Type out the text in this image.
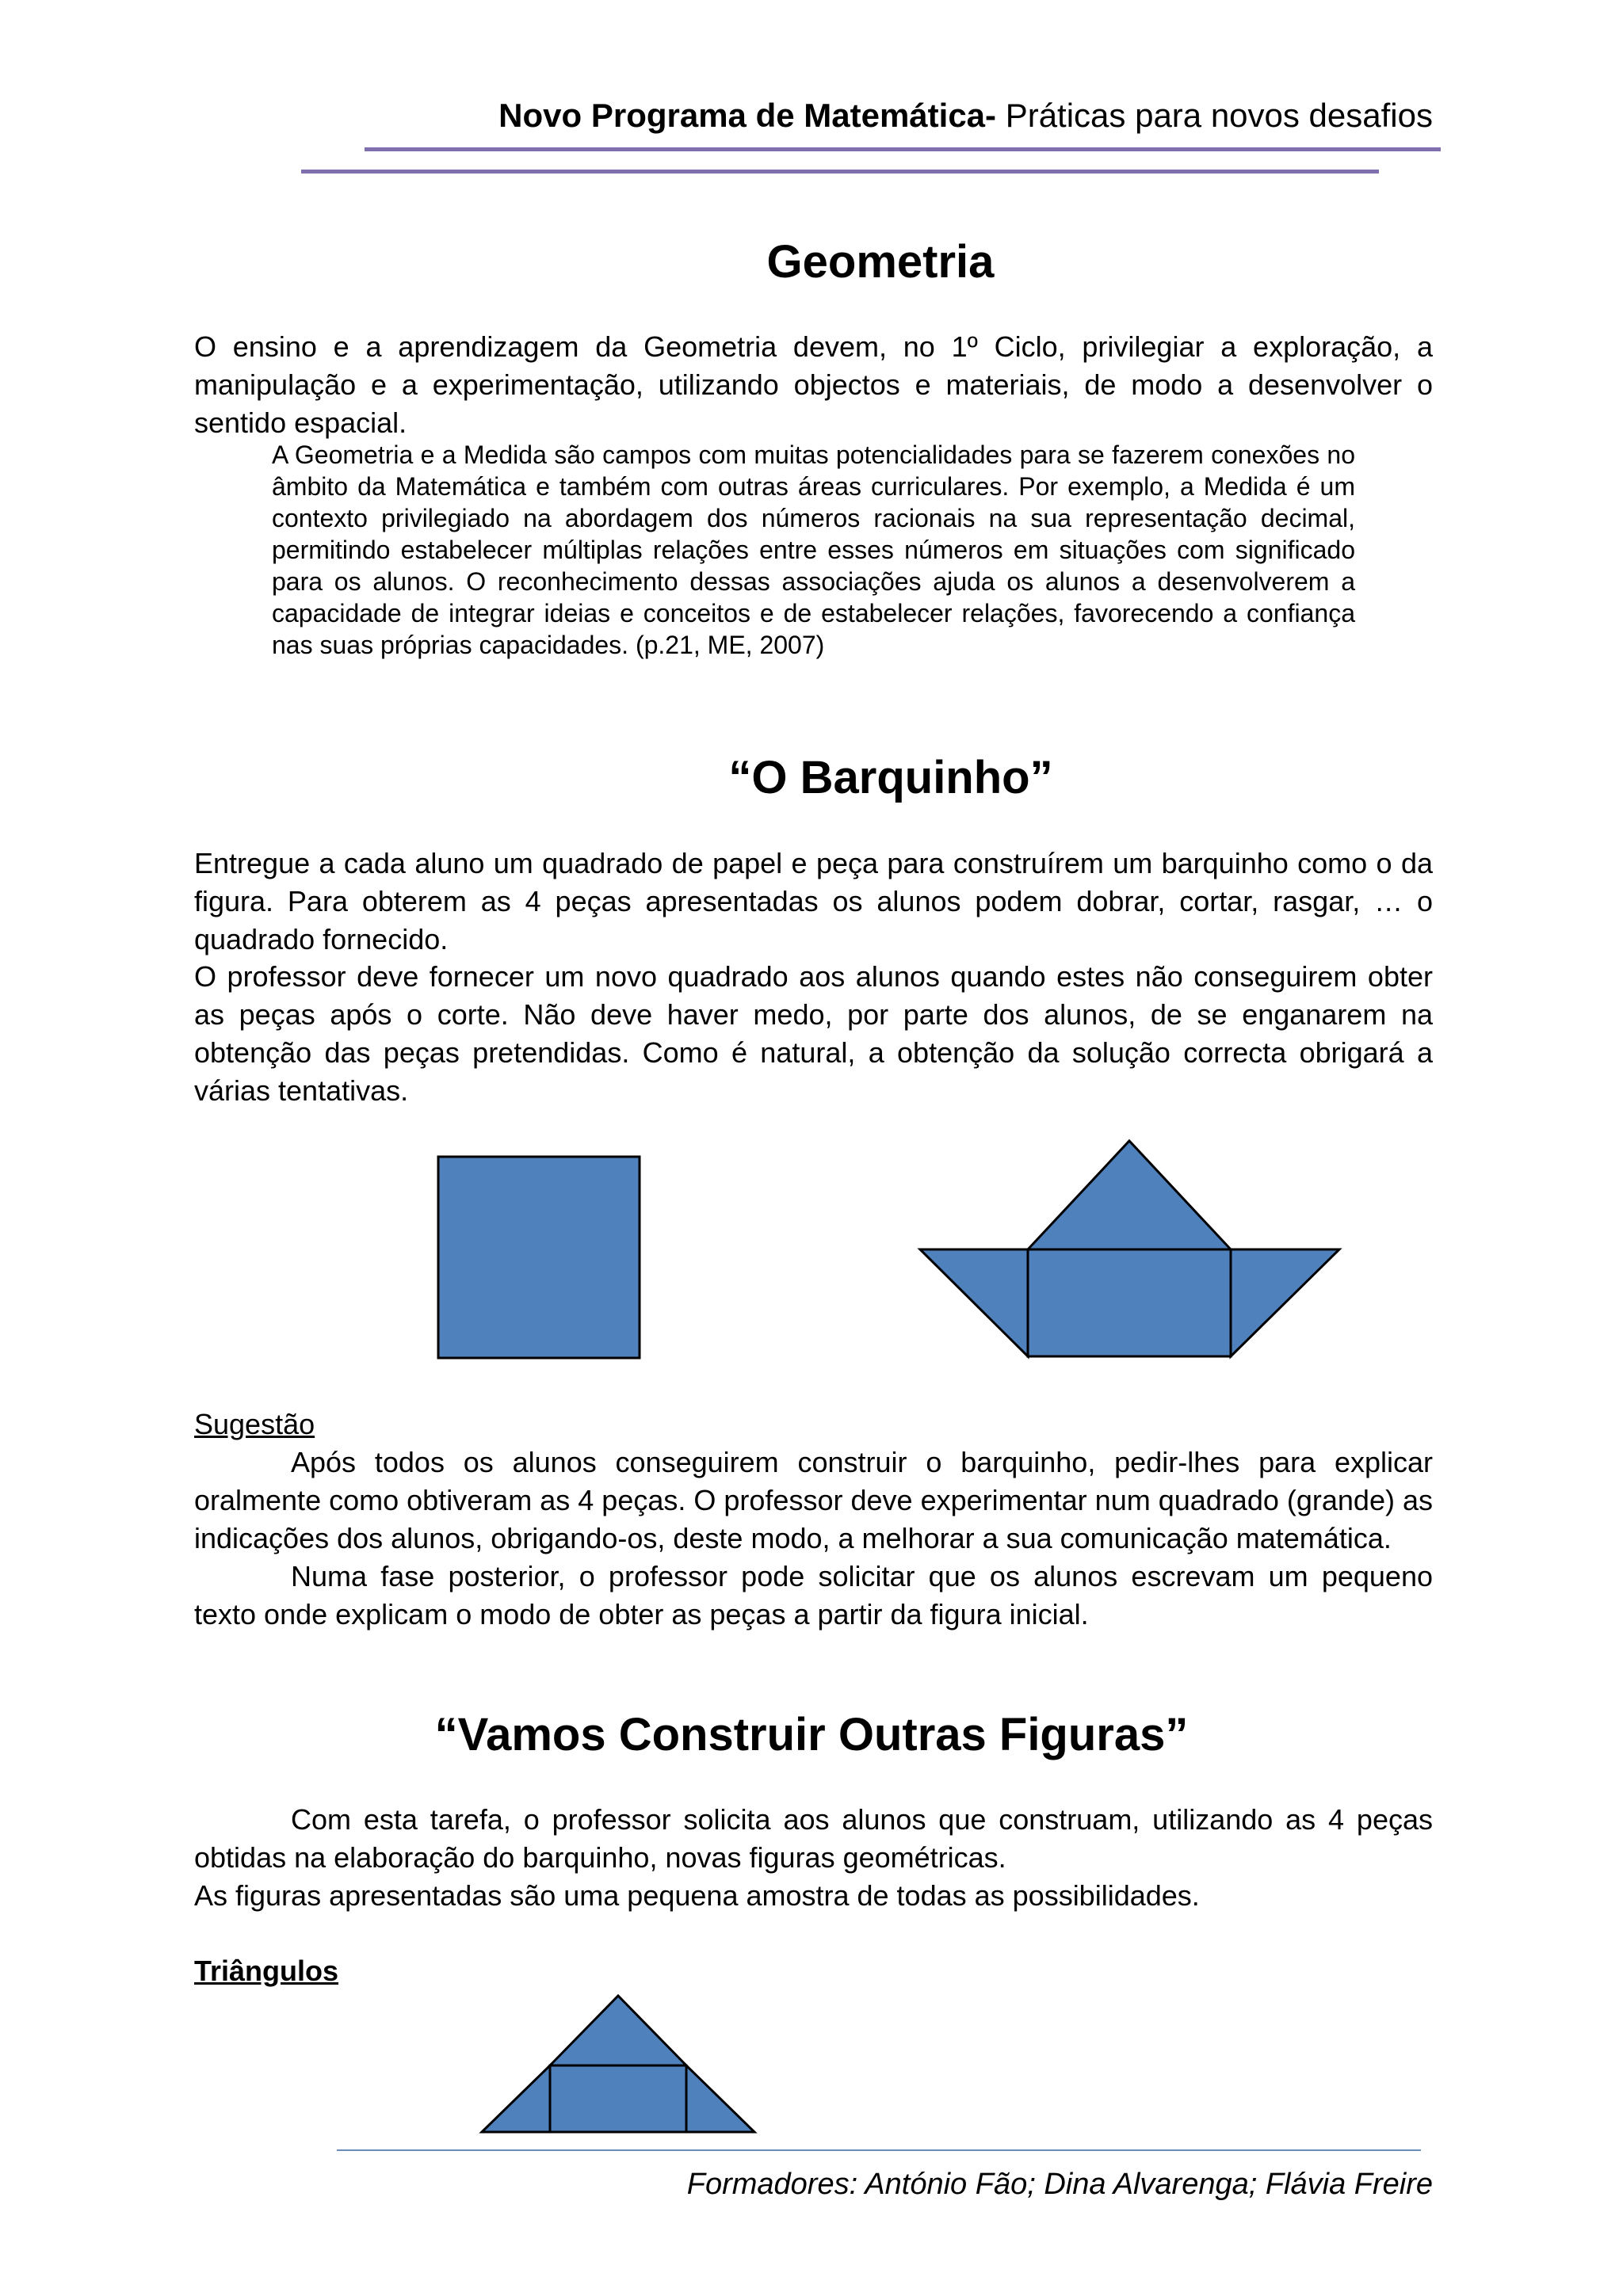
Novo Programa de Matemática- Práticas para novos desafios
Geometria
O ensino e a aprendizagem da Geometria devem, no 1º Ciclo, privilegiar a exploração, a manipulação e a experimentação, utilizando objectos e materiais, de modo a desenvolver o sentido espacial.
A Geometria e a Medida são campos com muitas potencialidades para se fazerem conexões no âmbito da Matemática e também com outras áreas curriculares. Por exemplo, a Medida é um contexto privilegiado na abordagem dos números racionais na sua representação decimal, permitindo estabelecer múltiplas relações entre esses números em situações com significado para os alunos. O reconhecimento dessas associações ajuda os alunos a desenvolverem a capacidade de integrar ideias e conceitos e de estabelecer relações, favorecendo a confiança nas suas próprias capacidades. (p.21, ME, 2007)
“O Barquinho”
Entregue a cada aluno um quadrado de papel e peça para construírem um barquinho como o da figura. Para obterem as 4 peças apresentadas os alunos podem dobrar, cortar, rasgar, … o quadrado fornecido.
O professor deve fornecer um novo quadrado aos alunos quando estes não conseguirem obter as peças após o corte. Não deve haver medo, por parte dos alunos, de se enganarem na obtenção das peças pretendidas. Como é natural, a obtenção da solução correcta obrigará a várias tentativas.
Sugestão
Após todos os alunos conseguirem construir o barquinho, pedir-lhes para explicar oralmente como obtiveram as 4 peças. O professor deve experimentar num quadrado (grande) as indicações dos alunos, obrigando-os, deste modo, a melhorar a sua comunicação matemática.
Numa fase posterior, o professor pode solicitar que os alunos escrevam um pequeno texto onde explicam o modo de obter as peças a partir da figura inicial.
“Vamos Construir Outras Figuras”
Com esta tarefa, o professor solicita aos alunos que construam, utilizando as 4 peças obtidas na elaboração do barquinho, novas figuras geométricas.
As figuras apresentadas são uma pequena amostra de todas as possibilidades.
Triângulos
Formadores: António Fão; Dina Alvarenga; Flávia Freire
